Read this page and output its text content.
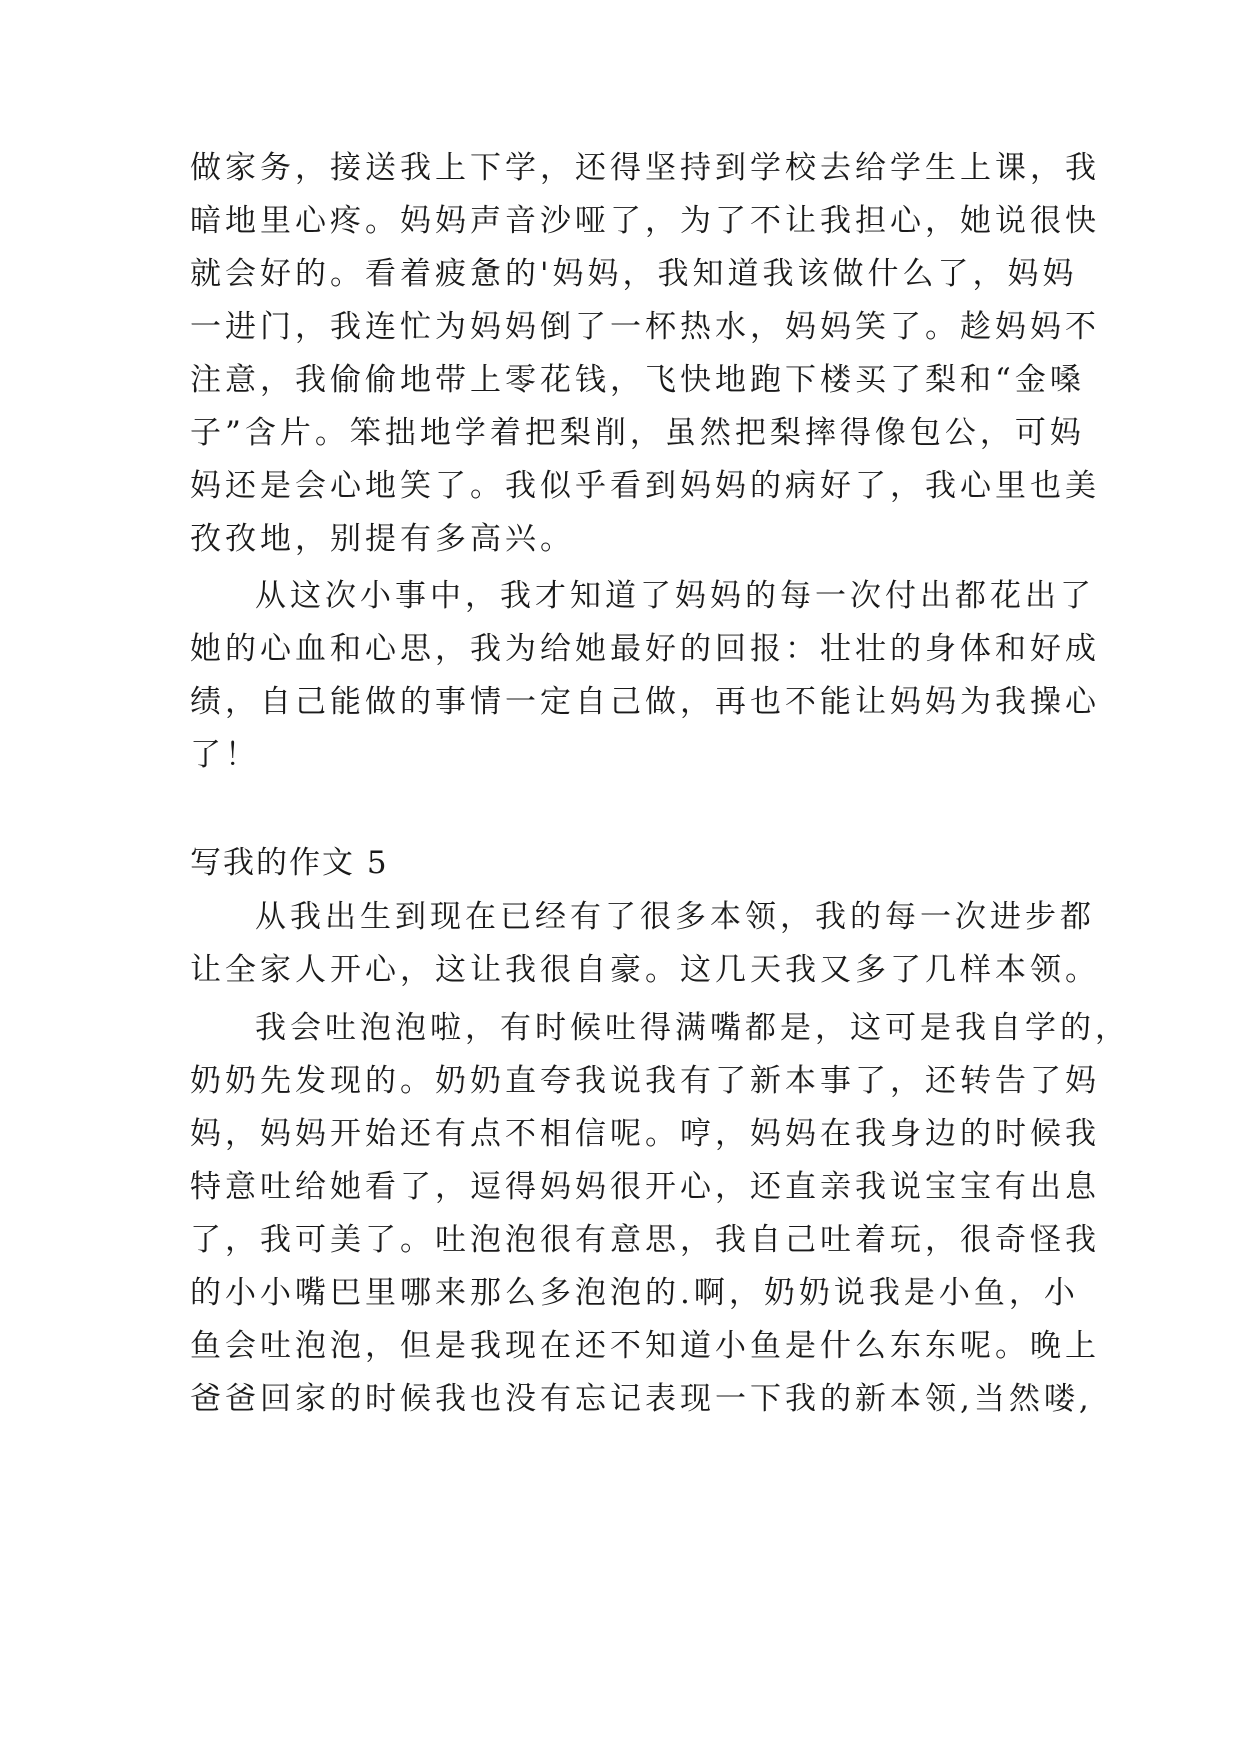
做家务，接送我上下学，还得坚持到学校去给学生上课，我
暗地里心疼。妈妈声音沙哑了，为了不让我担心，她说很快
就会好的。看着疲惫的'妈妈，我知道我该做什么了，妈妈
一进门，我连忙为妈妈倒了一杯热水，妈妈笑了。趁妈妈不
注意，我偷偷地带上零花钱，飞快地跑下楼买了梨和“金嗓
子”含片。笨拙地学着把梨削，虽然把梨摔得像包公，可妈
妈还是会心地笑了。我似乎看到妈妈的病好了，我心里也美
孜孜地，别提有多高兴。
从这次小事中，我才知道了妈妈的每一次付出都花出了
她的心血和心思，我为给她最好的回报：壮壮的身体和好成
绩，自己能做的事情一定自己做，再也不能让妈妈为我操心
了！
写我的作文 5
从我出生到现在已经有了很多本领，我的每一次进步都
让全家人开心，这让我很自豪。这几天我又多了几样本领。
我会吐泡泡啦，有时候吐得满嘴都是，这可是我自学的，
奶奶先发现的。奶奶直夸我说我有了新本事了，还转告了妈
妈，妈妈开始还有点不相信呢。哼，妈妈在我身边的时候我
特意吐给她看了，逗得妈妈很开心，还直亲我说宝宝有出息
了，我可美了。吐泡泡很有意思，我自己吐着玩，很奇怪我
的小小嘴巴里哪来那么多泡泡的.啊，奶奶说我是小鱼，小
鱼会吐泡泡，但是我现在还不知道小鱼是什么东东呢。晚上
爸爸回家的时候我也没有忘记表现一下我的新本领,当然喽,
